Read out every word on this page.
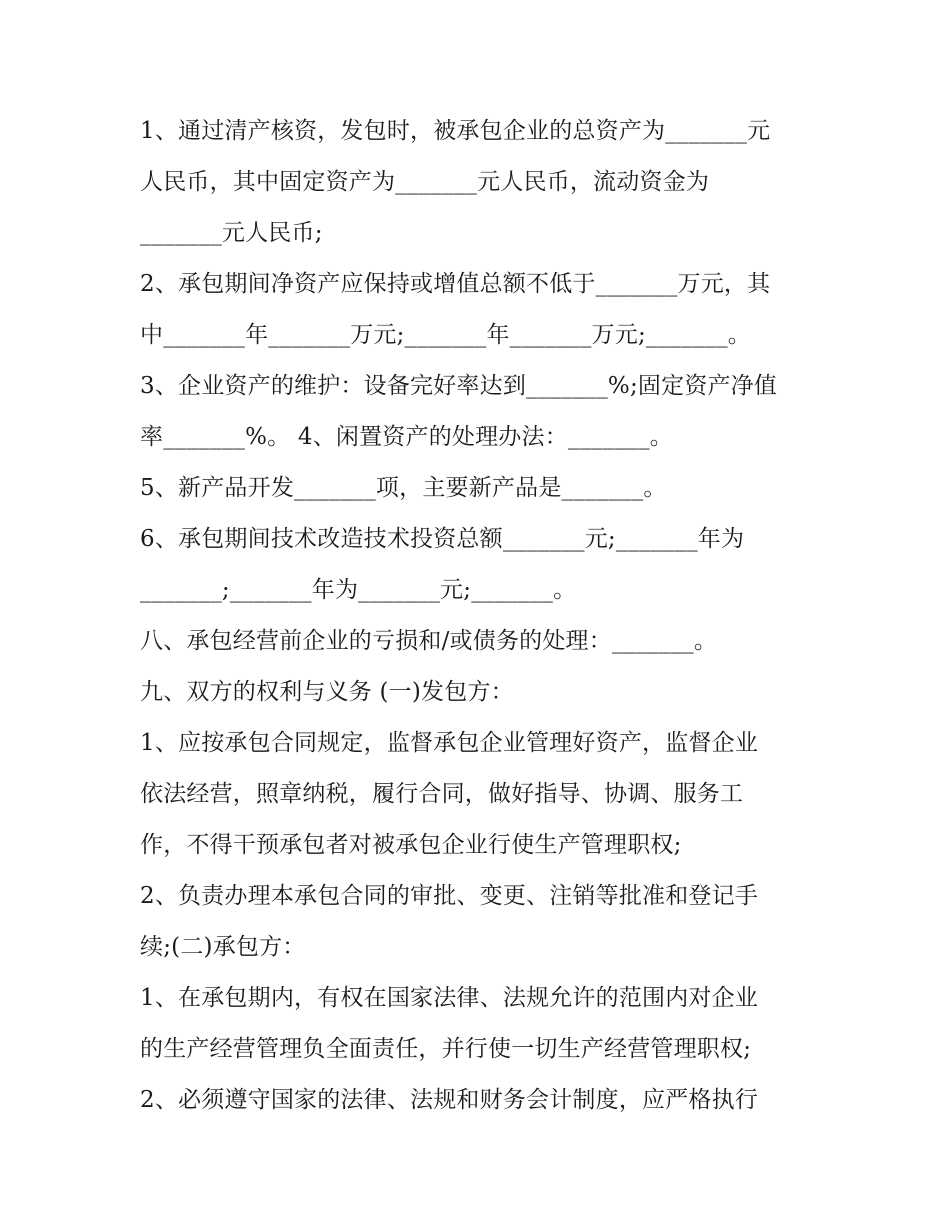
1、通过清产核资，发包时，被承包企业的总资产为_______元
人民币，其中固定资产为_______元人民币，流动资金为
_______元人民币;
2、承包期间净资产应保持或增值总额不低于_______万元，其
中_______年_______万元;_______年_______万元;_______。
3、企业资产的维护：设备完好率达到_______%;固定资产净值
率_______%。 4、闲置资产的处理办法：_______。
5、新产品开发_______项，主要新产品是_______。
6、承包期间技术改造技术投资总额_______元;_______年为
_______;_______年为_______元;_______。
八、承包经营前企业的亏损和/或债务的处理：_______。
九、双方的权利与义务 (一)发包方：
1、应按承包合同规定，监督承包企业管理好资产，监督企业
依法经营，照章纳税，履行合同，做好指导、协调、服务工
作，不得干预承包者对被承包企业行使生产管理职权;
2、负责办理本承包合同的审批、变更、注销等批准和登记手
续;(二)承包方：
1、在承包期内，有权在国家法律、法规允许的范围内对企业
的生产经营管理负全面责任，并行使一切生产经营管理职权;
2、必须遵守国家的法律、法规和财务会计制度，应严格执行
